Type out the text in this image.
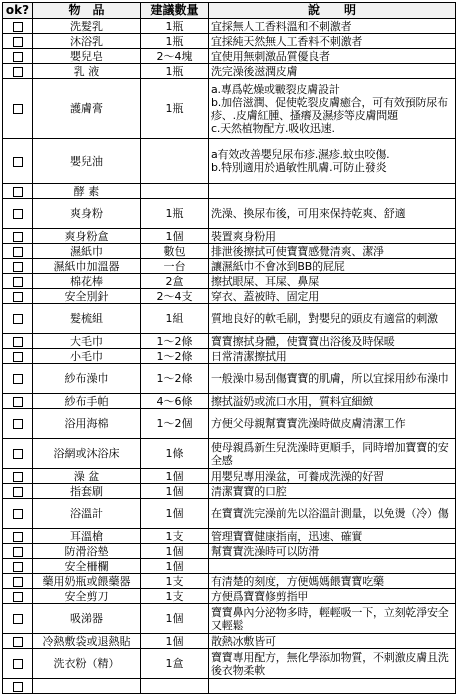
ok?	物　品	建議數量	說　　明
	洗髮乳	1瓶	宜採無人工香料溫和不刺激者
	沐浴乳	1瓶	宜採純天然無人工香料不刺激者
	嬰兒皂	2～4塊	宜使用無刺激品質優良者
	乳 液	1瓶	洗完澡後滋潤皮膚
	護膚膏	1瓶	a.專爲乾燥或皸裂皮膚設計
b.加倍滋潤、促使乾裂皮膚癒合，可有效預防尿布疹、.皮膚紅腫、搔癢及濕疹等皮膚問題
c.天然植物配方.吸收迅速.
	嬰兒油		a有效改善嬰兒尿布疹.濕疹.蚊虫咬傷.
b.特別適用於過敏性肌膚.可防止發炎
	酵 素		
	爽身粉	1瓶	洗澡、換尿布後，可用來保持乾爽、舒適
	爽身粉盒	1個	裝置爽身粉用
	濕紙巾	數包	排泄後擦拭可使寶寶感覺清爽、潔淨
	濕紙巾加溫器	一台	讓濕紙巾不會冰到BB的屁屁
	棉花棒	2盒	擦拭眼屎、耳屎、鼻屎
	安全別針	2～4支	穿衣、蓋被時、固定用
	髮梳組	1組	質地良好的軟毛刷，對嬰兒的頭皮有適當的刺激
	大毛巾	1～2條	寶寶擦拭身體，使寶寶出浴後及時保暖
	小毛巾	1～2條	日常清潔擦拭用
	紗布澡巾	1～2條	一般澡巾易刮傷寶寶的肌膚，所以宜採用紗布澡巾
	紗布手帕	4～6條	擦拭溢奶或流口水用，質料宜細緻
	浴用海棉	1～2個	方便父母親幫寶寶洗澡時做皮膚清潔工作
	浴網或沐浴床	1條	使母親爲新生兒洗澡時更順手，同時增加寶寶的安全感
	澡 盆	1個	用嬰兒專用澡盆，可養成洗澡的好習
	指套刷	1個	清潔寶寶的口腔
	浴溫計	1個	在寶寶洗完澡前先以浴溫計測量，以免燙（冷）傷
	耳溫槍	1支	管理寶寶健康指南，迅速、確實
	防滑浴墊	1個	幫寶寶洗澡時可以防滑
	安全柵欄	1個	
	藥用奶瓶或餵藥器	1支	有清楚的刻度，方便媽媽餵寶寶吃藥
	安全剪刀	1支	方便爲寶寶修剪指甲
	吸涕器	1個	寶寶鼻內分泌物多時，輕輕吸一下，立刻乾淨安全又輕鬆
	冷熱敷袋或退熱貼	1個	散熱冰敷皆可
	洗衣粉（精）	1盒	寶寶專用配方，無化學添加物質，不刺激皮膚且洗後衣物柔軟
